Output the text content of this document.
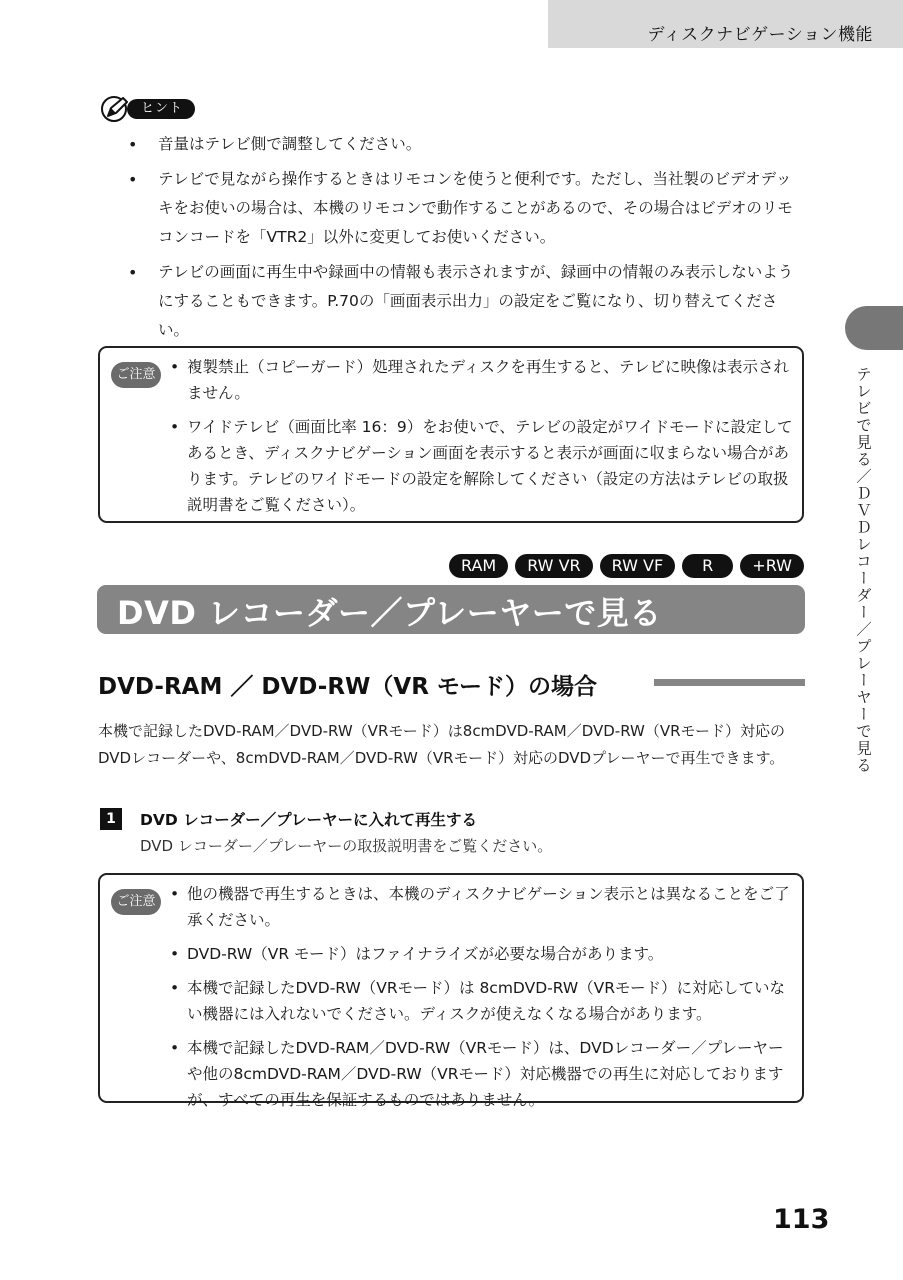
ディスクナビゲーション機能
テレビで見る／ＤＶＤレコーダー／プレーヤーで見る
ヒント
• 音量はテレビ側で調整してください。
• テレビで見ながら操作するときはリモコンを使うと便利です。ただし、当社製のビデオデッキをお使いの場合は、本機のリモコンで動作することがあるので、その場合はビデオのリモコンコードを「VTR2」以外に変更してお使いください。
• テレビの画面に再生中や録画中の情報も表示されますが、録画中の情報のみ表示しないようにすることもできます。P.70の「画面表示出力」の設定をご覧になり、切り替えてください。
ご注意	• 複製禁止（コピーガード）処理されたディスクを再生すると、テレビに映像は表示されません。
• ワイドテレビ（画面比率 16：9）をお使いで、テレビの設定がワイドモードに設定してあるとき、ディスクナビゲーション画面を表示すると表示が画面に収まらない場合があります。テレビのワイドモードの設定を解除してください（設定の方法はテレビの取扱説明書をご覧ください）。
RAM	RW VR	RW VF	R	+RW
DVD レコーダー／プレーヤーで見る
DVD-RAM ／ DVD-RW（VR モード）の場合

本機で記録したDVD-RAM／DVD-RW（VRモード）は8cmDVD-RAM／DVD-RW（VRモード）対応のDVDレコーダーや、8cmDVD-RAM／DVD-RW（VRモード）対応のDVDプレーヤーで再生できます。

1	DVD レコーダー／プレーヤーに入れて再生する
DVD レコーダー／プレーヤーの取扱説明書をご覧ください。
ご注意	• 他の機器で再生するときは、本機のディスクナビゲーション表示とは異なることをご了承ください。
• DVD-RW（VR モード）はファイナライズが必要な場合があります。
• 本機で記録したDVD-RW（VRモード）は 8cmDVD-RW（VRモード）に対応していない機器には入れないでください。ディスクが使えなくなる場合があります。
• 本機で記録したDVD-RAM／DVD-RW（VRモード）は、DVDレコーダー／プレーヤーや他の8cmDVD-RAM／DVD-RW（VRモード）対応機器での再生に対応しておりますが、すべての再生を保証するものではありません。
113
